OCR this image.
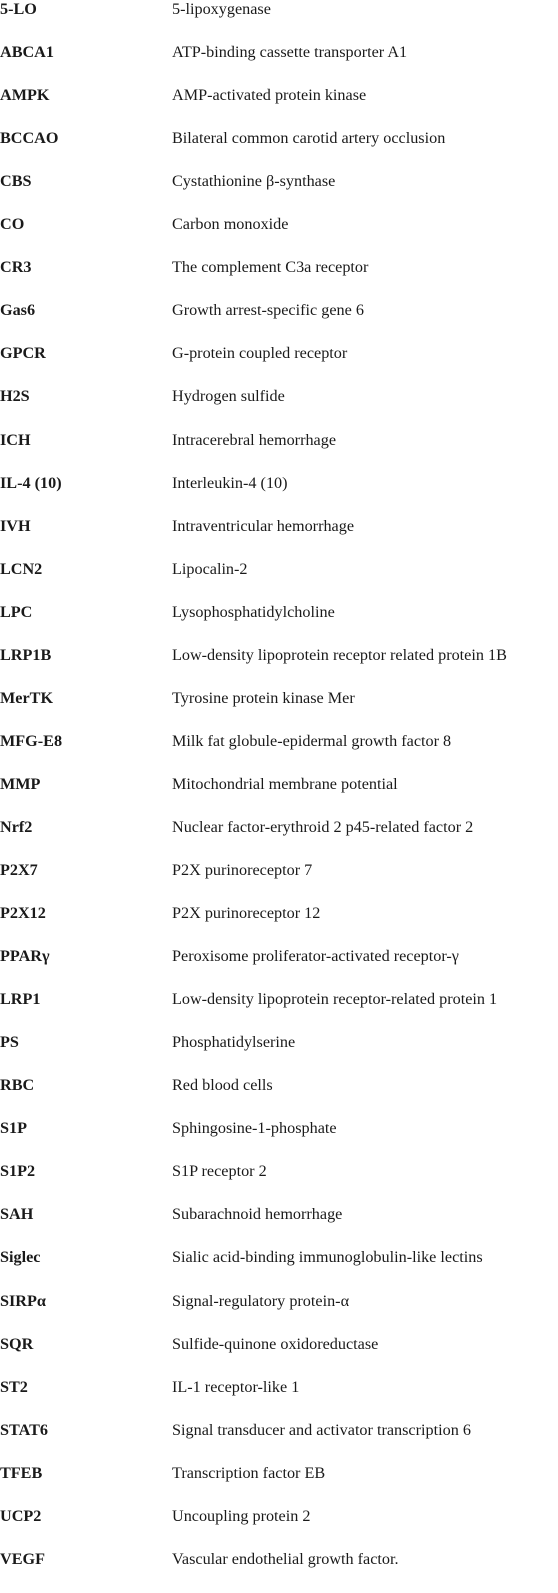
5-LO	5-lipoxygenase
ABCA1	ATP-binding cassette transporter A1
AMPK	AMP-activated protein kinase
BCCAO	Bilateral common carotid artery occlusion
CBS	Cystathionine β-synthase
CO	Carbon monoxide
CR3	The complement C3a receptor
Gas6	Growth arrest-specific gene 6
GPCR	G-protein coupled receptor
H2S	Hydrogen sulfide
ICH	Intracerebral hemorrhage
IL-4 (10)	Interleukin-4 (10)
IVH	Intraventricular hemorrhage
LCN2	Lipocalin-2
LPC	Lysophosphatidylcholine
LRP1B	Low-density lipoprotein receptor related protein 1B
MerTK	Tyrosine protein kinase Mer
MFG-E8	Milk fat globule-epidermal growth factor 8
MMP	Mitochondrial membrane potential
Nrf2	Nuclear factor-erythroid 2 p45-related factor 2
P2X7	P2X purinoreceptor 7
P2X12	P2X purinoreceptor 12
PPARγ	Peroxisome proliferator-activated receptor-γ
LRP1	Low-density lipoprotein receptor-related protein 1
PS	Phosphatidylserine
RBC	Red blood cells
S1P	Sphingosine-1-phosphate
S1P2	S1P receptor 2
SAH	Subarachnoid hemorrhage
Siglec	Sialic acid-binding immunoglobulin-like lectins
SIRPα	Signal-regulatory protein-α
SQR	Sulfide-quinone oxidoreductase
ST2	IL-1 receptor-like 1
STAT6	Signal transducer and activator transcription 6
TFEB	Transcription factor EB
UCP2	Uncoupling protein 2
VEGF	Vascular endothelial growth factor.
